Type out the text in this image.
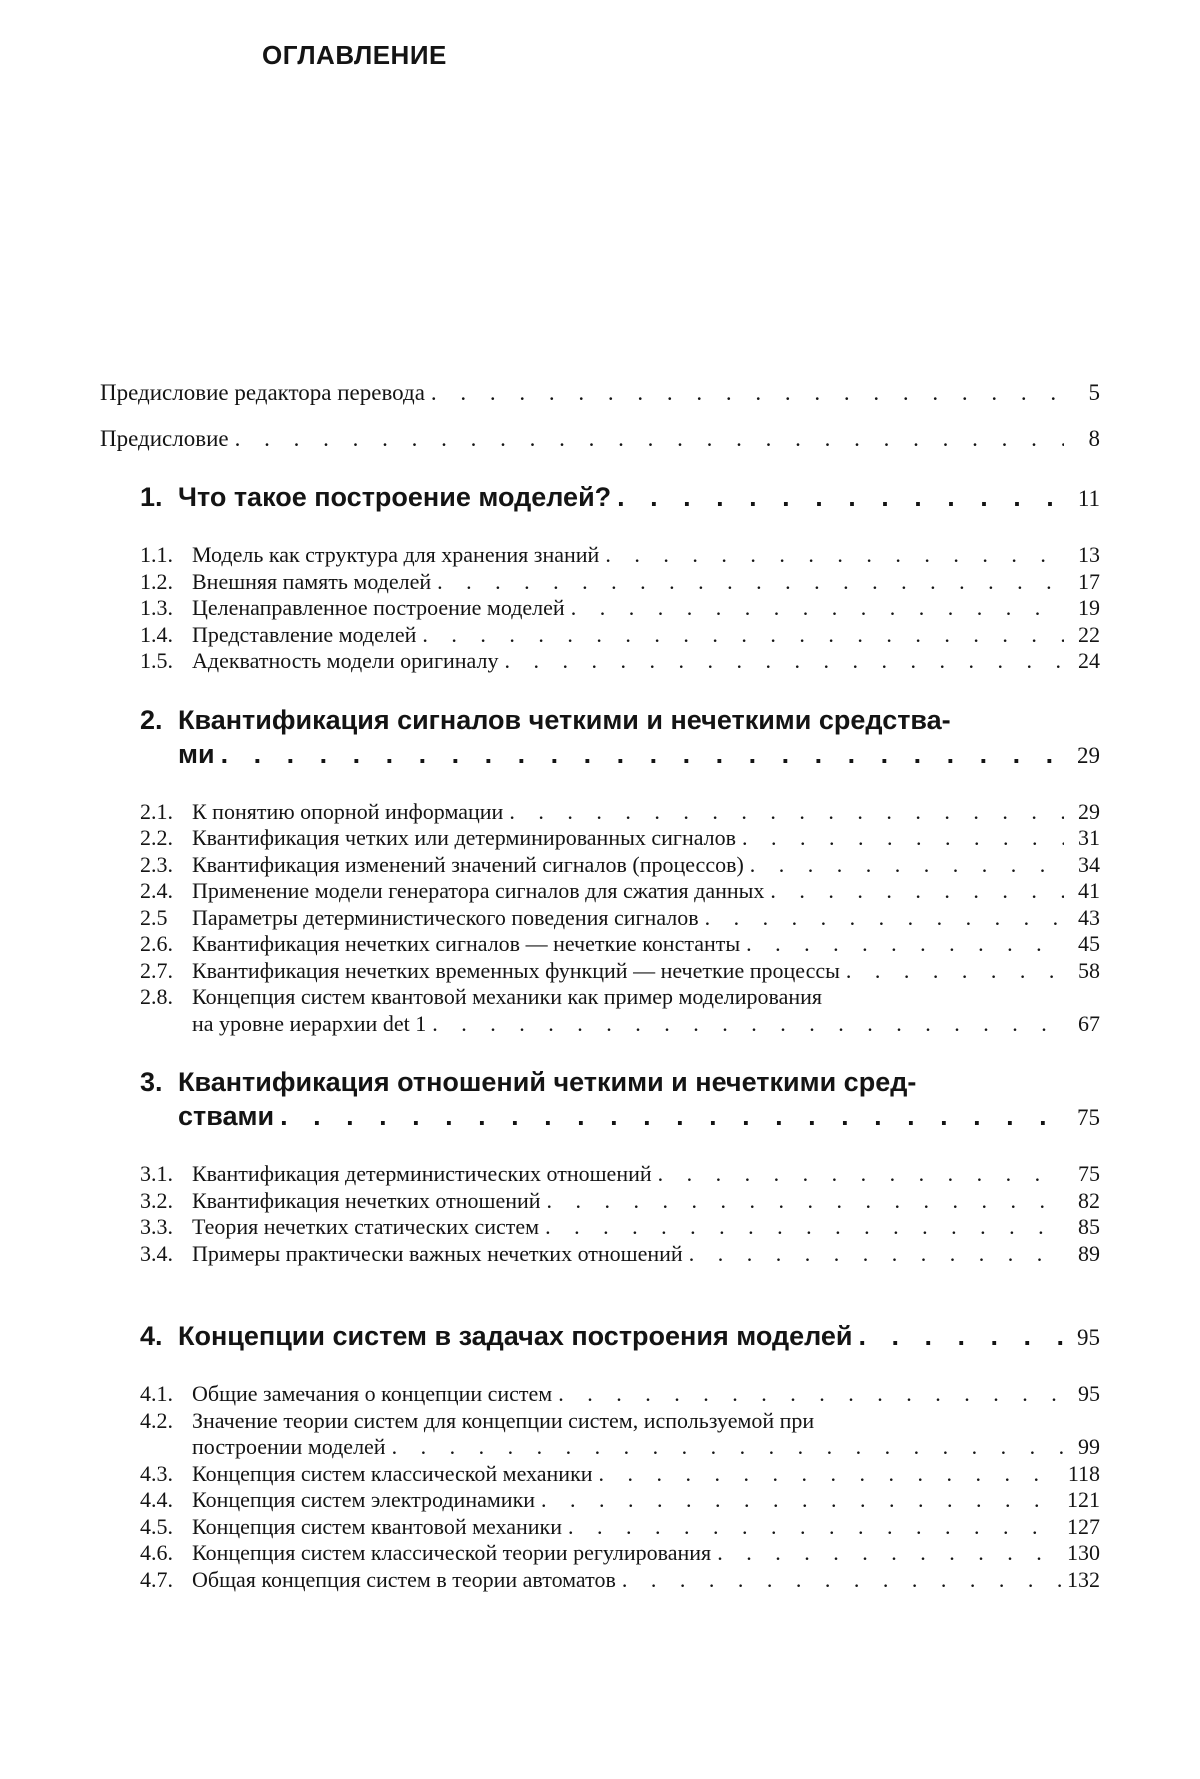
ОГЛАВЛЕНИЕ
Предисловие редактора перевода . . .	5
Предисловие . . .	8
1. Что такое построение моделей? . . .	11
1.1. Модель как структура для хранения знаний . . .	13
1.2. Внешняя память моделей . . .	17
1.3. Целенаправленное построение моделей . . .	19
1.4. Представление моделей . . .	22
1.5. Адекватность модели оригиналу . . .	24
2. Квантификация сигналов четкими и нечеткими средства-
ми . . .	29
2.1. К понятию опорной информации . . .	29
2.2. Квантификация четких или детерминированных сигналов . . .	31
2.3. Квантификация изменений значений сигналов (процессов) . . .	34
2.4. Применение модели генератора сигналов для сжатия данных . . .	41
2.5	Параметры детерминистического поведения сигналов . . .	43
2.6. Квантификация нечетких сигналов — нечеткие константы . . .	45
2.7. Квантификация нечетких временных функций — нечеткие процессы . . .	58
2.8. Концепция систем квантовой механики как пример моделирования
на уровне иерархии det 1 . . .	67
3. Квантификация отношений четкими и нечеткими сред-
ствами . . .	75
3.1. Квантификация детерминистических отношений . . .	75
3.2. Квантификация нечетких отношений . . .	82
3.3. Теория нечетких статических систем . . .	85
3.4. Примеры практически важных нечетких отношений . . .	89
4. Концепции систем в задачах построения моделей . . .	95
4.1. Общие замечания о концепции систем . . .	95
4.2. Значение теории систем для концепции систем, используемой при
построении моделей . . .	99
4.3. Концепция систем классической механики . . .	118
4.4. Концепция систем электродинамики . . .	121
4.5. Концепция систем квантовой механики . . .	127
4.6. Концепция систем классической теории регулирования . . .	130
4.7. Общая концепция систем в теории автоматов . . .	132
